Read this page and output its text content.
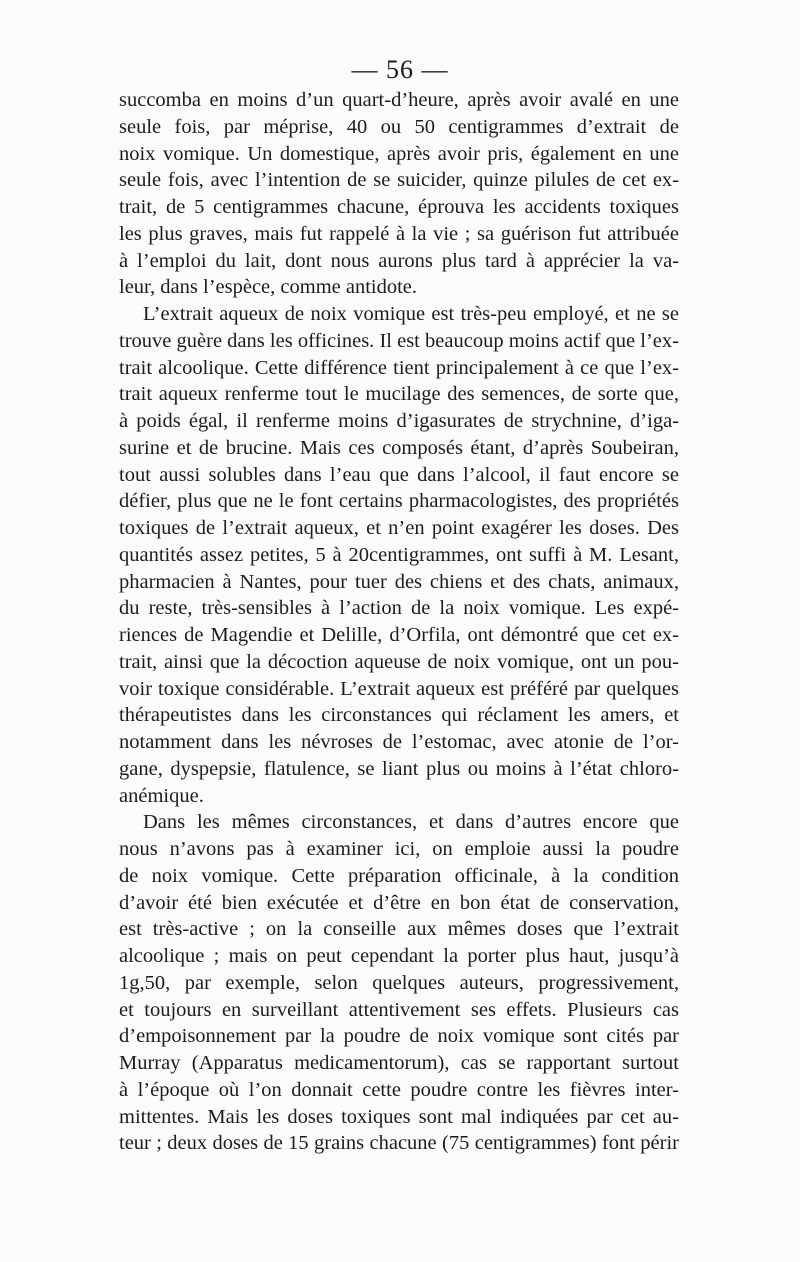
— 56 —
succomba en moins d’un quart-d’heure, après avoir avalé en une
seule fois, par méprise, 40 ou 50 centigrammes d’extrait de
noix vomique. Un domestique, après avoir pris, également en une
seule fois, avec l’intention de se suicider, quinze pilules de cet ex-
trait, de 5 centigrammes chacune, éprouva les accidents toxiques
les plus graves, mais fut rappelé à la vie ; sa guérison fut attribuée
à l’emploi du lait, dont nous aurons plus tard à apprécier la va-
leur, dans l’espèce, comme antidote.
L’extrait aqueux de noix vomique est très-peu employé, et ne se
trouve guère dans les officines. Il est beaucoup moins actif que l’ex-
trait alcoolique. Cette différence tient principalement à ce que l’ex-
trait aqueux renferme tout le mucilage des semences, de sorte que,
à poids égal, il renferme moins d’igasurates de strychnine, d’iga-
surine et de brucine. Mais ces composés étant, d’après Soubeiran,
tout aussi solubles dans l’eau que dans l’alcool, il faut encore se
défier, plus que ne le font certains pharmacologistes, des propriétés
toxiques de l’extrait aqueux, et n’en point exagérer les doses. Des
quantités assez petites, 5 à 20centigrammes, ont suffi à M. Lesant,
pharmacien à Nantes, pour tuer des chiens et des chats, animaux,
du reste, très-sensibles à l’action de la noix vomique. Les expé-
riences de Magendie et Delille, d’Orfila, ont démontré que cet ex-
trait, ainsi que la décoction aqueuse de noix vomique, ont un pou-
voir toxique considérable. L’extrait aqueux est préféré par quelques
thérapeutistes dans les circonstances qui réclament les amers, et
notamment dans les névroses de l’estomac, avec atonie de l’or-
gane, dyspepsie, flatulence, se liant plus ou moins à l’état chloro-
anémique.
Dans les mêmes circonstances, et dans d’autres encore que
nous n’avons pas à examiner ici, on emploie aussi la poudre
de noix vomique. Cette préparation officinale, à la condition
d’avoir été bien exécutée et d’être en bon état de conservation,
est très-active ; on la conseille aux mêmes doses que l’extrait
alcoolique ; mais on peut cependant la porter plus haut, jusqu’à
1g,50, par exemple, selon quelques auteurs, progressivement,
et toujours en surveillant attentivement ses effets. Plusieurs cas
d’empoisonnement par la poudre de noix vomique sont cités par
Murray (Apparatus medicamentorum), cas se rapportant surtout
à l’époque où l’on donnait cette poudre contre les fièvres inter-
mittentes. Mais les doses toxiques sont mal indiquées par cet au-
teur ; deux doses de 15 grains chacune (75 centigrammes) font périr
